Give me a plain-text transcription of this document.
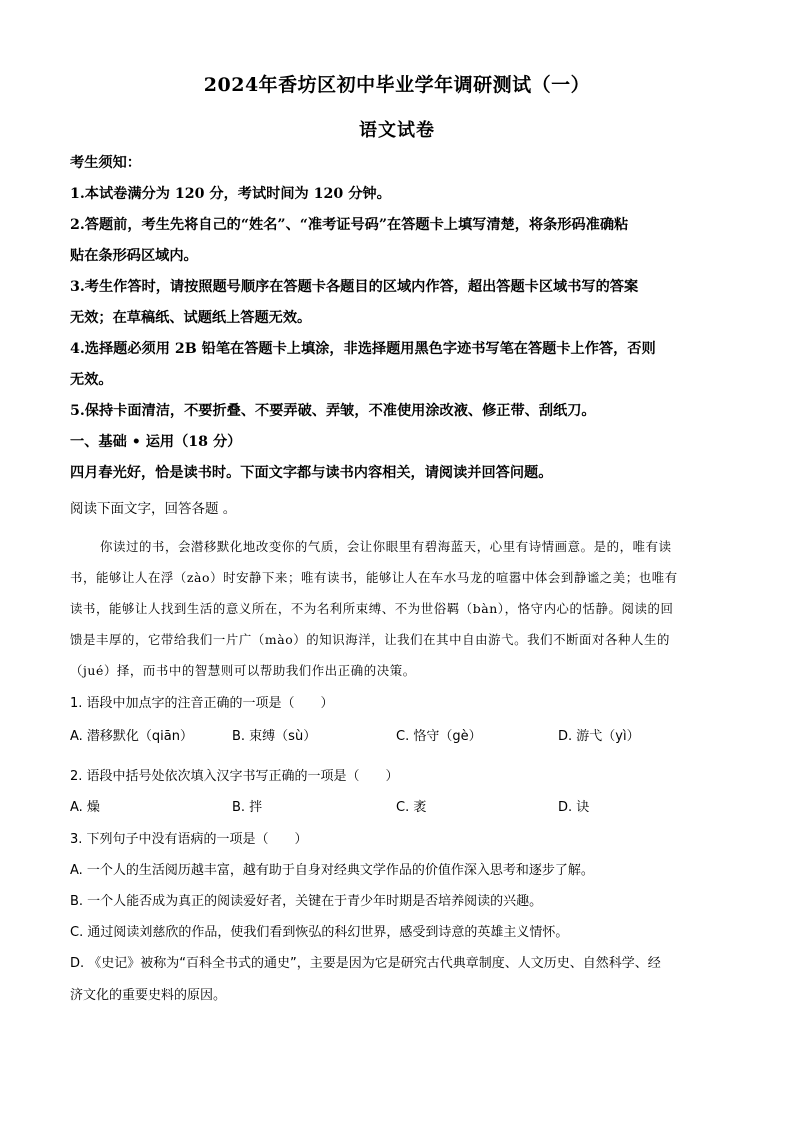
2024年香坊区初中毕业学年调研测试（一）
语文试卷
考生须知：
1.本试卷满分为 120 分，考试时间为 120 分钟。
2.答题前，考生先将自己的“姓名”、“准考证号码”在答题卡上填写清楚，将条形码准确粘
贴在条形码区域内。
3.考生作答时，请按照题号顺序在答题卡各题目的区域内作答，超出答题卡区域书写的答案
无效；在草稿纸、试题纸上答题无效。
4.选择题必须用 2B 铅笔在答题卡上填涂，非选择题用黑色字迹书写笔在答题卡上作答，否则
无效。
5.保持卡面清洁，不要折叠、不要弄破、弄皱，不准使用涂改液、修正带、刮纸刀。
一、基础 • 运用（18 分）
四月春光好，恰是读书时。下面文字都与读书内容相关，请阅读并回答问题。
阅读下面文字，回答各题 。
你读过的书，会潜移默化地改变你的气质，会让你眼里有碧海蓝天，心里有诗情画意。是的，唯有读
书，能够让人在浮（zào）时安静下来；唯有读书，能够让人在车水马龙的喧嚣中体会到静谧之美；也唯有
读书，能够让人找到生活的意义所在，不为名利所束缚、不为世俗羁（bàn），恪守内心的恬静。阅读的回
馈是丰厚的，它带给我们一片广（mào）的知识海洋，让我们在其中自由游弋。我们不断面对各种人生的
（jué）择，而书中的智慧则可以帮助我们作出正确的决策。
1. 语段中加点字的注音正确的一项是（　　）
A. 潜移默化（qiān）	B. 束缚（sù）	C. 恪守（gè）	D. 游弋（yì）
2. 语段中括号处依次填入汉字书写正确的一项是（　　）
A. 燥	B. 拌	C. 袤	D. 诀
3. 下列句子中没有语病的一项是（　　）
A. 一个人的生活阅历越丰富，越有助于自身对经典文学作品的价值作深入思考和逐步了解。
B. 一个人能否成为真正的阅读爱好者，关键在于青少年时期是否培养阅读的兴趣。
C. 通过阅读刘慈欣的作品，使我们看到恢弘的科幻世界，感受到诗意的英雄主义情怀。
D. 《史记》被称为“百科全书式的通史”，主要是因为它是研究古代典章制度、人文历史、自然科学、经
济文化的重要史料的原因。
